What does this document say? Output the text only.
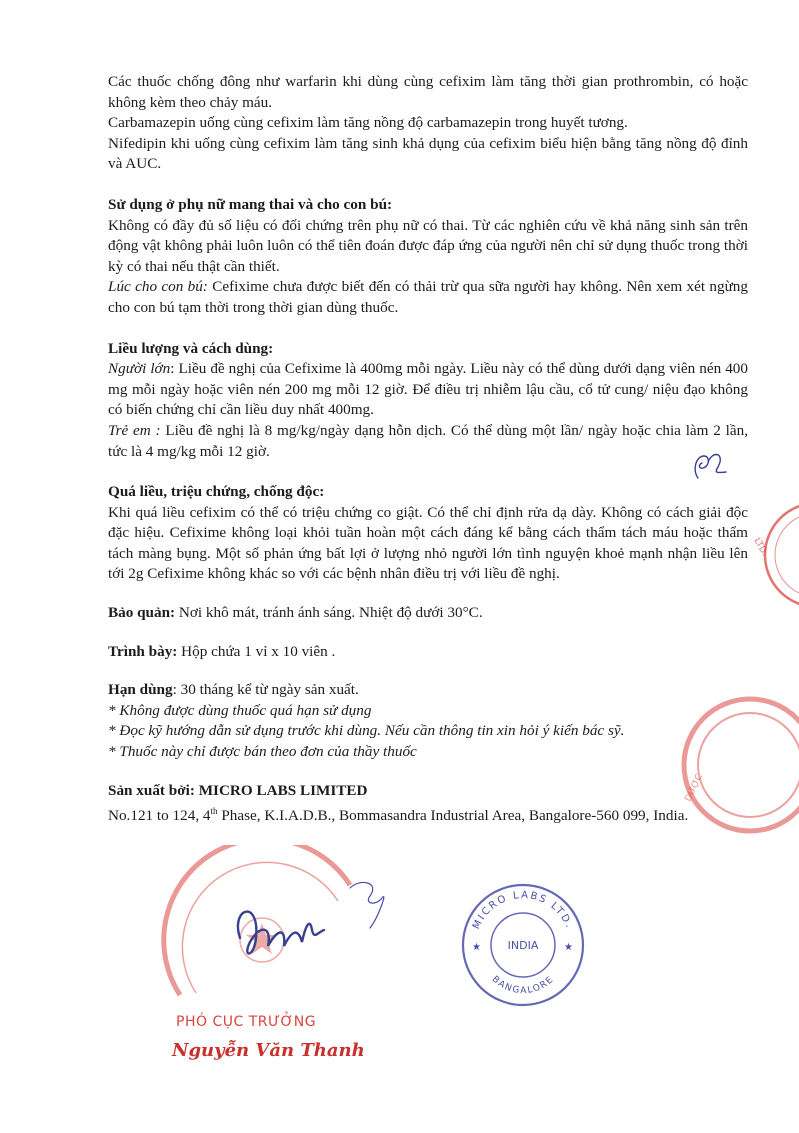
Các thuốc chống đông như warfarin khi dùng cùng cefixim làm tăng thời gian prothrombin, có hoặc không kèm theo chảy máu.

Carbamazepin uống cùng cefixim làm tăng nồng độ carbamazepin trong huyết tương.

Nifedipin khi uống cùng cefixim làm tăng sinh khả dụng của cefixim biểu hiện bằng tăng nồng độ đỉnh và AUC.

Sử dụng ở phụ nữ mang thai và cho con bú:

Không có đầy đủ số liệu có đối chứng trên phụ nữ có thai. Từ các nghiên cứu về khả năng sinh sản trên động vật không phải luôn luôn có thể tiên đoán được đáp ứng của người nên chỉ sử dụng thuốc trong thời kỳ có thai nếu thật cần thiết.

Lúc cho con bú: Cefixime chưa được biết đến có thải trừ qua sữa người hay không. Nên xem xét ngừng cho con bú tạm thời trong thời gian dùng thuốc.

Liều lượng và cách dùng:

Người lớn: Liều đề nghị của Cefixime là 400mg mỗi ngày. Liều này có thể dùng dưới dạng viên nén 400 mg mỗi ngày hoặc viên nén 200 mg mỗi 12 giờ. Để điều trị nhiễm lậu cầu, cổ tử cung/ niệu đạo không có biến chứng chỉ cần liều duy nhất 400mg.

Trẻ em : Liều đề nghị là 8 mg/kg/ngày dạng hỗn dịch. Có thể dùng một lần/ ngày hoặc chia làm 2 lần, tức là 4 mg/kg mỗi 12 giờ.

Quá liều, triệu chứng, chống độc:

Khi quá liều cefixim có thể có triệu chứng co giật. Có thể chỉ định rửa dạ dày. Không có cách giải độc đặc hiệu. Cefixime không loại khỏi tuần hoàn một cách đáng kể bằng cách thẩm tách máu hoặc thẩm tách màng bụng. Một số phản ứng bất lợi ở lượng nhỏ người lớn tình nguyện khoẻ mạnh nhận liều lên tới 2g Cefixime không khác so với các bệnh nhân điều trị với liều đề nghị.

Bảo quản: Nơi khô mát, tránh ánh sáng. Nhiệt độ dưới 30°C.

Trình bày: Hộp chứa 1 vỉ x 10 viên .

Hạn dùng: 30 tháng kể từ ngày sản xuất.

* Không được dùng thuốc quá hạn sử dụng

* Đọc kỹ hướng dẫn sử dụng trước khi dùng. Nếu cần thông tin xin hỏi ý kiến bác sỹ.

* Thuốc này chỉ được bán theo đơn của thầy thuốc

Sản xuất bởi: MICRO LABS LIMITED

No.121 to 124, 4th Phase, K.I.A.D.B., Bommasandra Industrial Area, Bangalore-560 099, India.

LTD.
DƯỢC
MICRO LABS LTD.
BANGALORE
INDIA
★	★
PHÓ CỤC TRƯỞNG
Nguyễn Văn Thanh
